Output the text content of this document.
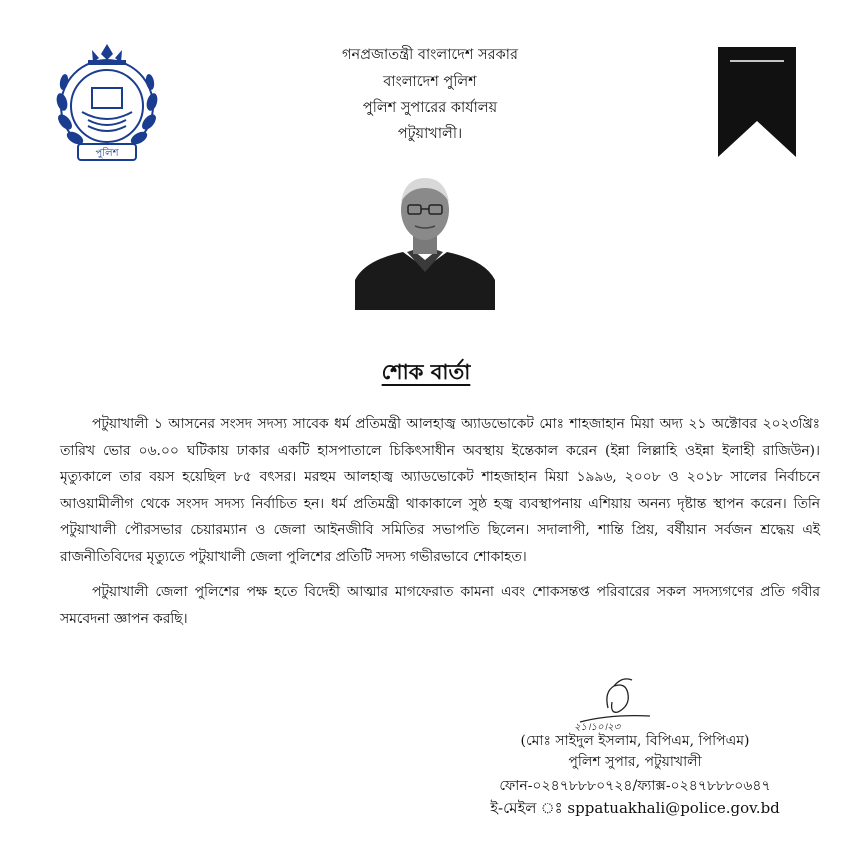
পুলিশ
গনপ্রজাতন্ত্রী বাংলাদেশ সরকার
বাংলাদেশ পুলিশ
পুলিশ সুপারের কার্যালয়
পটুয়াখালী।
শোক বার্তা
পটুয়াখালী ১ আসনের সংসদ সদস্য সাবেক ধর্ম প্রতিমন্ত্রী আলহাজ্ব অ্যাডভোকেট মোঃ শাহজাহান মিয়া অদ্য ২১ অক্টোবর ২০২৩খ্রিঃ তারিখ ভোর ০৬.০০ ঘটিকায় ঢাকার একটি হাসপাতালে চিকিৎসাধীন অবস্থায় ইন্তেকাল করেন (ইন্না লিল্লাহি ওইন্না ইলাহী রাজিউন)। মৃত্যুকালে তার বয়স হয়েছিল ৮৫ বৎসর। মরহুম আলহাজ্ব অ্যাডভোকেট শাহজাহান মিয়া ১৯৯৬, ২০০৮ ও ২০১৮ সালের নির্বাচনে আওয়ামীলীগ থেকে সংসদ সদস্য নির্বাচিত হন। ধর্ম প্রতিমন্ত্রী থাকাকালে সুষ্ঠ হজ্ব ব্যবস্থাপনায় এশিয়ায় অনন্য দৃষ্টান্ত স্থাপন করেন। তিনি পটুয়াখালী পৌরসভার চেয়ারম্যান ও জেলা আইনজীবি সমিতির সভাপতি ছিলেন। সদালাপী, শান্তি প্রিয়, বর্ষীয়ান সর্বজন শ্রদ্ধেয় এই রাজনীতিবিদের মৃত্যুতে পটুয়াখালী জেলা পুলিশের প্রতিটি সদস্য গভীরভাবে শোকাহত।
পটুয়াখালী জেলা পুলিশের পক্ষ হতে বিদেহী আত্মার মাগফেরাত কামনা এবং শোকসন্তপ্ত পরিবারের সকল সদস্যগণের প্রতি গবীর সমবেদনা জ্ঞাপন করছি।
২১।১০।২৩
(মোঃ সাইদুল ইসলাম, বিপিএম, পিপিএম)
পুলিশ সুপার, পটুয়াখালী
ফোন-০২৪৭৮৮৮০৭২৪/ফ্যাক্স-০২৪৭৮৮৮০৬৪৭
ই-মেইল ঃ sppatuakhali@police.gov.bd
